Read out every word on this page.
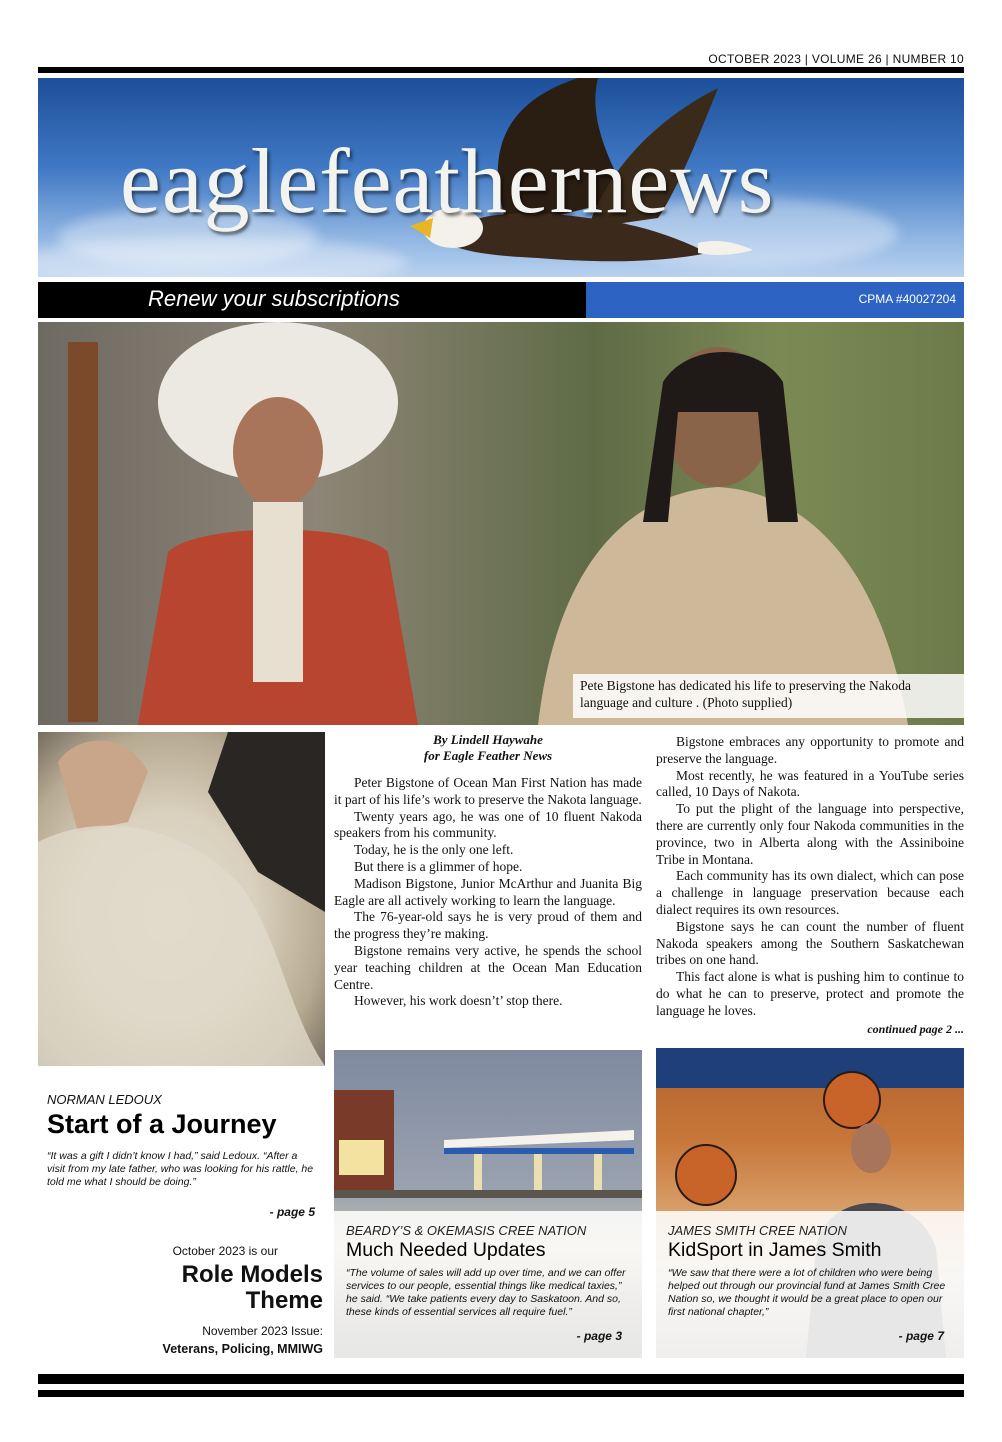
OCTOBER 2023 | VOLUME 26 | NUMBER 10
eaglefeathernews
Renew your subscriptions	CPMA #40027204
Pete Bigstone has dedicated his life to preserving the Nakoda language and culture . (Photo supplied)
By Lindell Haywahe
for Eagle Feather News

Peter Bigstone of Ocean Man First Nation has made it part of his life’s work to preserve the Nakota language.

Twenty years ago, he was one of 10 fluent Nakoda speakers from his community.

Today, he is the only one left.

But there is a glimmer of hope.

Madison Bigstone, Junior McArthur and Juanita Big Eagle are all actively working to learn the language.

The 76-year-old says he is very proud of them and the progress they’re making.

Bigstone remains very active, he spends the school year teaching children at the Ocean Man Education Centre.

However, his work doesn’t’ stop there.

Bigstone embraces any opportunity to promote and preserve the language.

Most recently, he was featured in a YouTube series called, 10 Days of Nakota.

To put the plight of the language into perspective, there are currently only four Nakoda communities in the province, two in Alberta along with the Assiniboine Tribe in Montana.

Each community has its own dialect, which can pose a challenge in language preservation because each dialect requires its own resources.

Bigstone says he can count the number of fluent Nakoda speakers among the Southern Saskatchewan tribes on one hand.

This fact alone is what is pushing him to continue to do what he can to preserve, protect and promote the language he loves.

continued page 2 ...
NORMAN LEDOUX
Start of a Journey
“It was a gift I didn’t know I had,” said Ledoux. “After a visit from my late father, who was looking for his rattle, he told me what I should be doing.”
- page 5
October 2023 is our
Role Models
Theme
November 2023 Issue:
Veterans, Policing, MMIWG
BEARDY’S & OKEMASIS CREE NATION
Much Needed Updates
“The volume of sales will add up over time, and we can offer services to our people, essential things like medical taxies,” he said. “We take patients every day to Saskatoon. And so, these kinds of essential services all require fuel.”
- page 3
JAMES SMITH CREE NATION
KidSport in James Smith
“We saw that there were a lot of children who were being helped out through our provincial fund at James Smith Cree Nation so, we thought it would be a great place to open our first national chapter,”
- page 7
